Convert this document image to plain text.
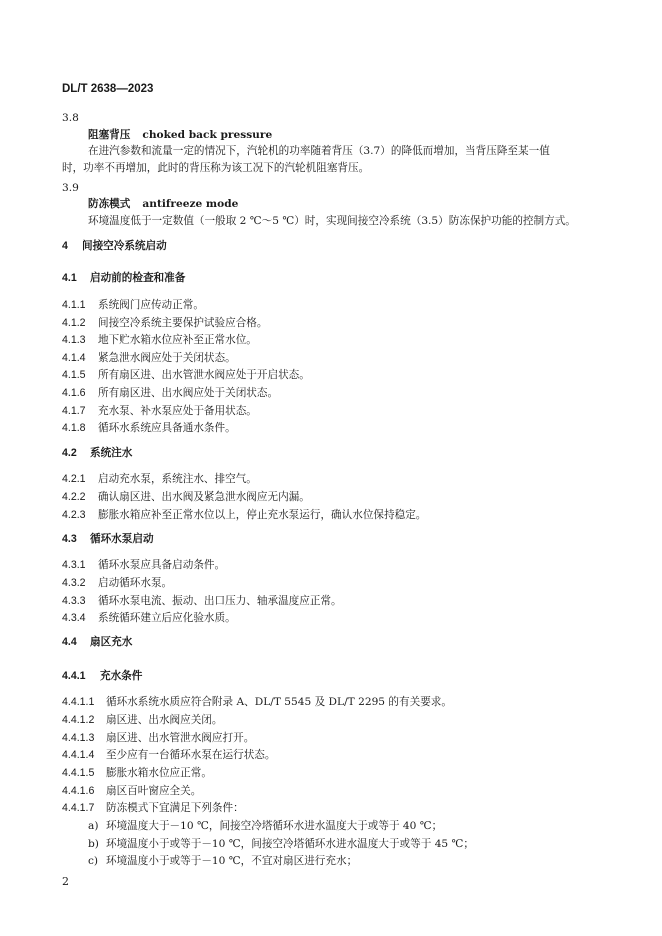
DL/T 2638—2023
3.8
阻塞背压 choked back pressure
在进汽参数和流量一定的情况下，汽轮机的功率随着背压（3.7）的降低而增加，当背压降至某一值
时，功率不再增加，此时的背压称为该工况下的汽轮机阻塞背压。
3.9
防冻模式 antifreeze mode
环境温度低于一定数值（一般取 2 ℃～5 ℃）时，实现间接空冷系统（3.5）防冻保护功能的控制方式。
4 间接空冷系统启动
4.1 启动前的检查和准备
4.1.1 系统阀门应传动正常。
4.1.2 间接空冷系统主要保护试验应合格。
4.1.3 地下贮水箱水位应补至正常水位。
4.1.4 紧急泄水阀应处于关闭状态。
4.1.5 所有扇区进、出水管泄水阀应处于开启状态。
4.1.6 所有扇区进、出水阀应处于关闭状态。
4.1.7 充水泵、补水泵应处于备用状态。
4.1.8 循环水系统应具备通水条件。
4.2 系统注水
4.2.1 启动充水泵，系统注水、排空气。
4.2.2 确认扇区进、出水阀及紧急泄水阀应无内漏。
4.2.3 膨胀水箱应补至正常水位以上，停止充水泵运行，确认水位保持稳定。
4.3 循环水泵启动
4.3.1 循环水泵应具备启动条件。
4.3.2 启动循环水泵。
4.3.3 循环水泵电流、振动、出口压力、轴承温度应正常。
4.3.4 系统循环建立后应化验水质。
4.4 扇区充水
4.4.1 充水条件
4.4.1.1 循环水系统水质应符合附录 A、DL/T 5545 及 DL/T 2295 的有关要求。
4.4.1.2 扇区进、出水阀应关闭。
4.4.1.3 扇区进、出水管泄水阀应打开。
4.4.1.4 至少应有一台循环水泵在运行状态。
4.4.1.5 膨胀水箱水位应正常。
4.4.1.6 扇区百叶窗应全关。
4.4.1.7 防冻模式下宜满足下列条件：
a) 环境温度大于－10 ℃，间接空冷塔循环水进水温度大于或等于 40 ℃；
b) 环境温度小于或等于－10 ℃，间接空冷塔循环水进水温度大于或等于 45 ℃；
c) 环境温度小于或等于－10 ℃，不宜对扇区进行充水；
2
